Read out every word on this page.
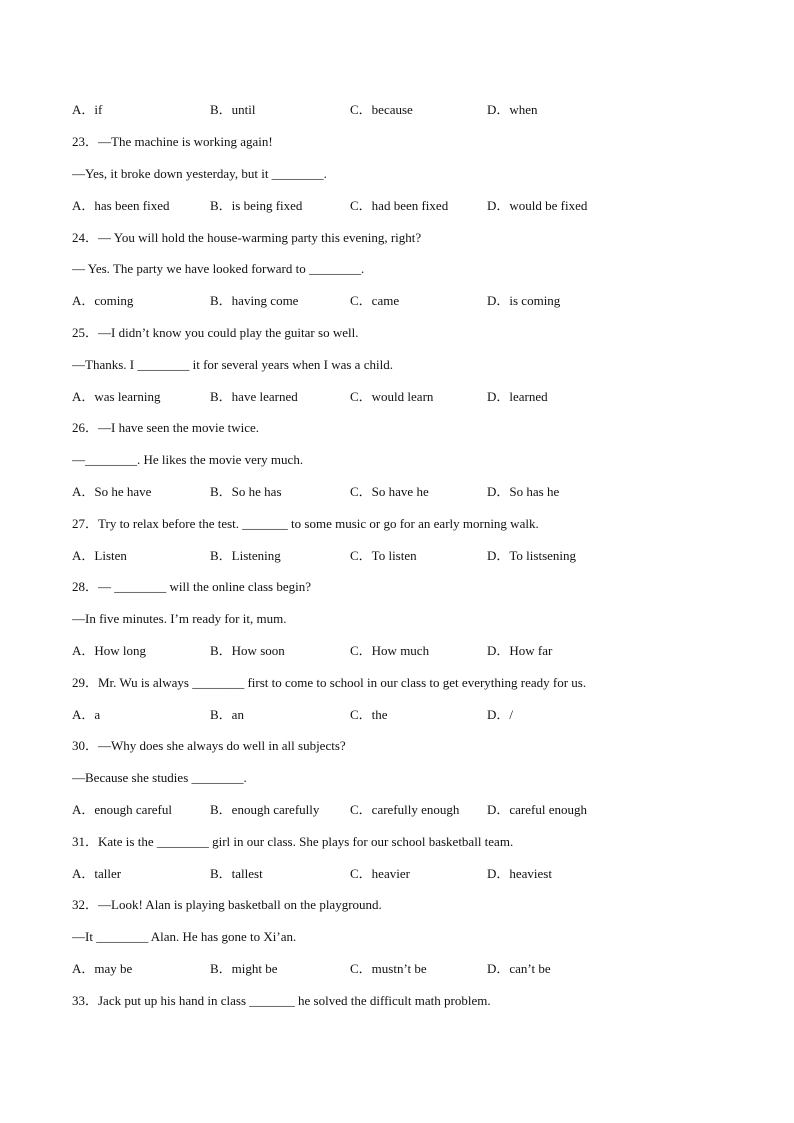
A．if	B．until	C．because	D．when
23．—The machine is working again!
—Yes, it broke down yesterday, but it ________.
A．has been fixed	B．is being fixed	C．had been fixed	D．would be fixed
24．— You will hold the house-warming party this evening, right?
— Yes. The party we have looked forward to ________.
A．coming	B．having come	C．came	D．is coming
25．—I didn’t know you could play the guitar so well.
—Thanks. I ________ it for several years when I was a child.
A．was learning	B．have learned	C．would learn	D．learned
26．—I have seen the movie twice.
—________. He likes the movie very much.
A．So he have	B．So he has	C．So have he	D．So has he
27．Try to relax before the test. _______ to some music or go for an early morning walk.
A．Listen	B．Listening	C．To listen	D．To listsening
28．— ________ will the online class begin?
—In five minutes. I’m ready for it, mum.
A．How long	B．How soon	C．How much	D．How far
29．Mr. Wu is always ________ first to come to school in our class to get everything ready for us.
A．a	B．an	C．the	D．/
30．—Why does she always do well in all subjects?
—Because she studies ________.
A．enough careful	B．enough carefully C．carefully enough D．careful enough
31．Kate is the ________ girl in our class. She plays for our school basketball team.
A．taller	B．tallest	C．heavier	D．heaviest
32．—Look! Alan is playing basketball on the playground.
—It ________ Alan. He has gone to Xi’an.
A．may be	B．might be	C．mustn’t be	D．can’t be
33．Jack put up his hand in class _______ he solved the difficult math problem.
